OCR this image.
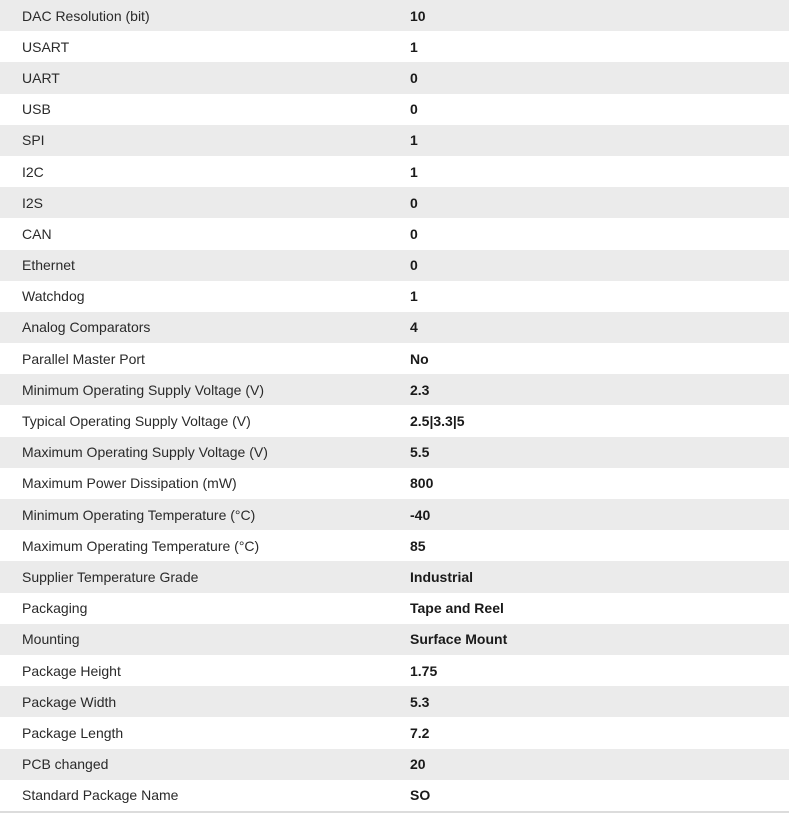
DAC Resolution (bit)	10
USART	1
UART	0
USB	0
SPI	1
I2C	1
I2S	0
CAN	0
Ethernet	0
Watchdog	1
Analog Comparators	4
Parallel Master Port	No
Minimum Operating Supply Voltage (V)	2.3
Typical Operating Supply Voltage (V)	2.5|3.3|5
Maximum Operating Supply Voltage (V)	5.5
Maximum Power Dissipation (mW)	800
Minimum Operating Temperature (°C)	-40
Maximum Operating Temperature (°C)	85
Supplier Temperature Grade	Industrial
Packaging	Tape and Reel
Mounting	Surface Mount
Package Height	1.75
Package Width	5.3
Package Length	7.2
PCB changed	20
Standard Package Name	SO
